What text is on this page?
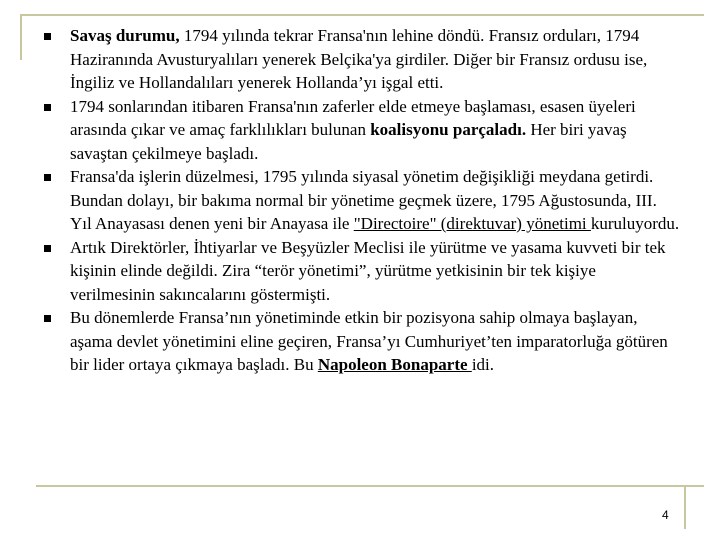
Savaş durumu, 1794 yılında tekrar Fransa'nın lehine döndü. Fransız orduları, 1794 Haziranında Avusturyalıları yenerek Belçika'ya girdiler. Diğer bir Fransız ordusu ise, İngiliz ve Hollandalıları yenerek Hollanda’yı işgal etti.
1794 sonlarından itibaren Fransa'nın zaferler elde etmeye başlaması, esasen üyeleri arasında çıkar ve amaç farklılıkları bulunan koalisyonu parçaladı. Her biri yavaş savaştan çekilmeye başladı.
Fransa'da işlerin düzelmesi, 1795 yılında siyasal yönetim değişikliği meydana getirdi. Bundan dolayı, bir bakıma normal bir yönetime geçmek üzere, 1795 Ağustosunda, III. Yıl Anayasası denen yeni bir Anayasa ile "Directoire" (direktuvar) yönetimi kuruluyordu.
Artık Direktörler, İhtiyarlar ve Beşyüzler Meclisi ile yürütme ve yasama kuvveti bir tek kişinin elinde değildi. Zira “terör yönetimi”, yürütme yetkisinin bir tek kişiye verilmesinin sakıncalarını göstermişti.
Bu dönemlerde Fransa’nın yönetiminde etkin bir pozisyona sahip olmaya başlayan, aşama devlet yönetimini eline geçiren, Fransa’yı Cumhuriyet’ten imparatorluğa götüren bir lider ortaya çıkmaya başladı. Bu Napoleon Bonaparte idi.
4
